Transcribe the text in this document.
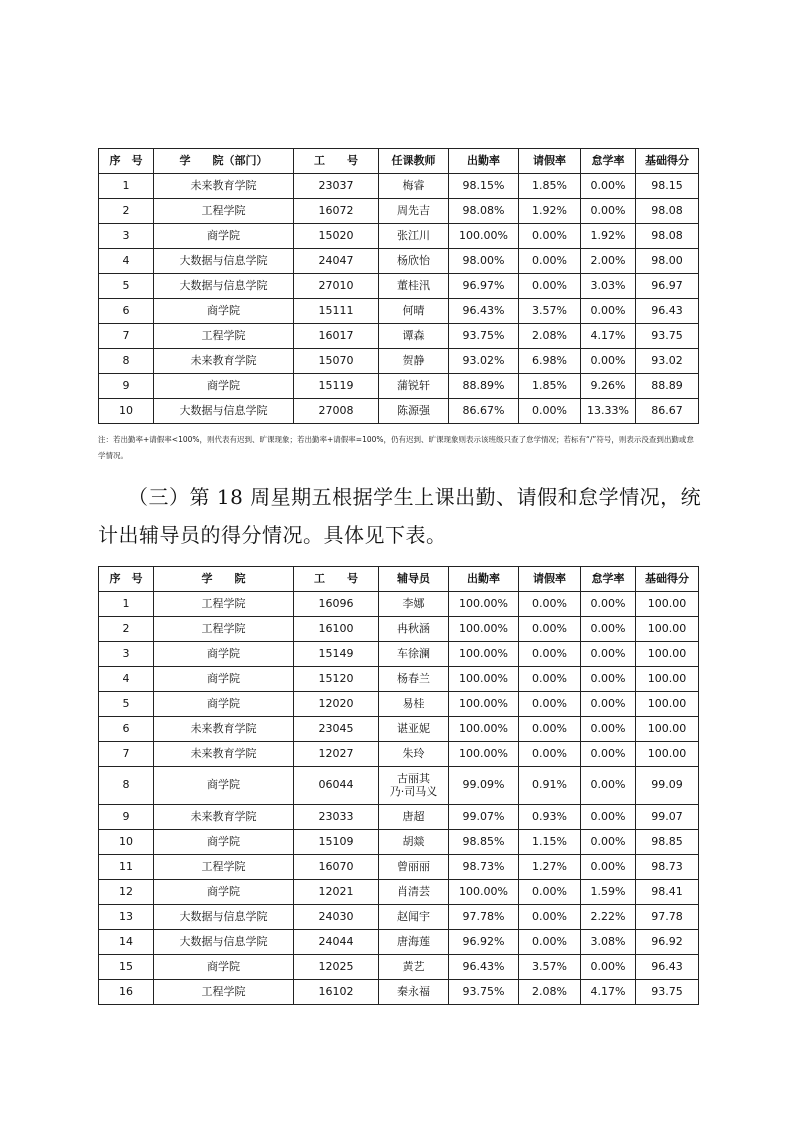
序　号	学　　院（部门）	工　　号	任课教师	出勤率	请假率	怠学率	基础得分
1	未来教育学院	23037	梅睿	98.15%	1.85%	0.00%	98.15
2	工程学院	16072	周先吉	98.08%	1.92%	0.00%	98.08
3	商学院	15020	张江川	100.00%	0.00%	1.92%	98.08
4	大数据与信息学院	24047	杨欣怡	98.00%	0.00%	2.00%	98.00
5	大数据与信息学院	27010	董桂汛	96.97%	0.00%	3.03%	96.97
6	商学院	15111	何晴	96.43%	3.57%	0.00%	96.43
7	工程学院	16017	谭森	93.75%	2.08%	4.17%	93.75
8	未来教育学院	15070	贺静	93.02%	6.98%	0.00%	93.02
9	商学院	15119	蒲锐轩	88.89%	1.85%	9.26%	88.89
10	大数据与信息学院	27008	陈源强	86.67%	0.00%	13.33%	86.67
注：若出勤率+请假率<100%，则代表有迟到、旷课现象；若出勤率+请假率=100%，仍有迟到、旷课现象则表示该班级只查了怠学情况；若标有“/”符号，则表示没查到出勤或怠学情况。
（三）第 18 周星期五根据学生上课出勤、请假和怠学情况，统计出辅导员的得分情况。具体见下表。
序　号	学　　院	工　　号	辅导员	出勤率	请假率	怠学率	基础得分
1	工程学院	16096	李娜	100.00%	0.00%	0.00%	100.00
2	工程学院	16100	冉秋涵	100.00%	0.00%	0.00%	100.00
3	商学院	15149	车徐澜	100.00%	0.00%	0.00%	100.00
4	商学院	15120	杨春兰	100.00%	0.00%	0.00%	100.00
5	商学院	12020	易桂	100.00%	0.00%	0.00%	100.00
6	未来教育学院	23045	谌亚妮	100.00%	0.00%	0.00%	100.00
7	未来教育学院	12027	朱玲	100.00%	0.00%	0.00%	100.00
8	商学院	06044	古丽其
乃·司马义	99.09%	0.91%	0.00%	99.09
9	未来教育学院	23033	唐超	99.07%	0.93%	0.00%	99.07
10	商学院	15109	胡燚	98.85%	1.15%	0.00%	98.85
11	工程学院	16070	曾丽丽	98.73%	1.27%	0.00%	98.73
12	商学院	12021	肖清芸	100.00%	0.00%	1.59%	98.41
13	大数据与信息学院	24030	赵闻宇	97.78%	0.00%	2.22%	97.78
14	大数据与信息学院	24044	唐海莲	96.92%	0.00%	3.08%	96.92
15	商学院	12025	黄艺	96.43%	3.57%	0.00%	96.43
16	工程学院	16102	秦永福	93.75%	2.08%	4.17%	93.75
